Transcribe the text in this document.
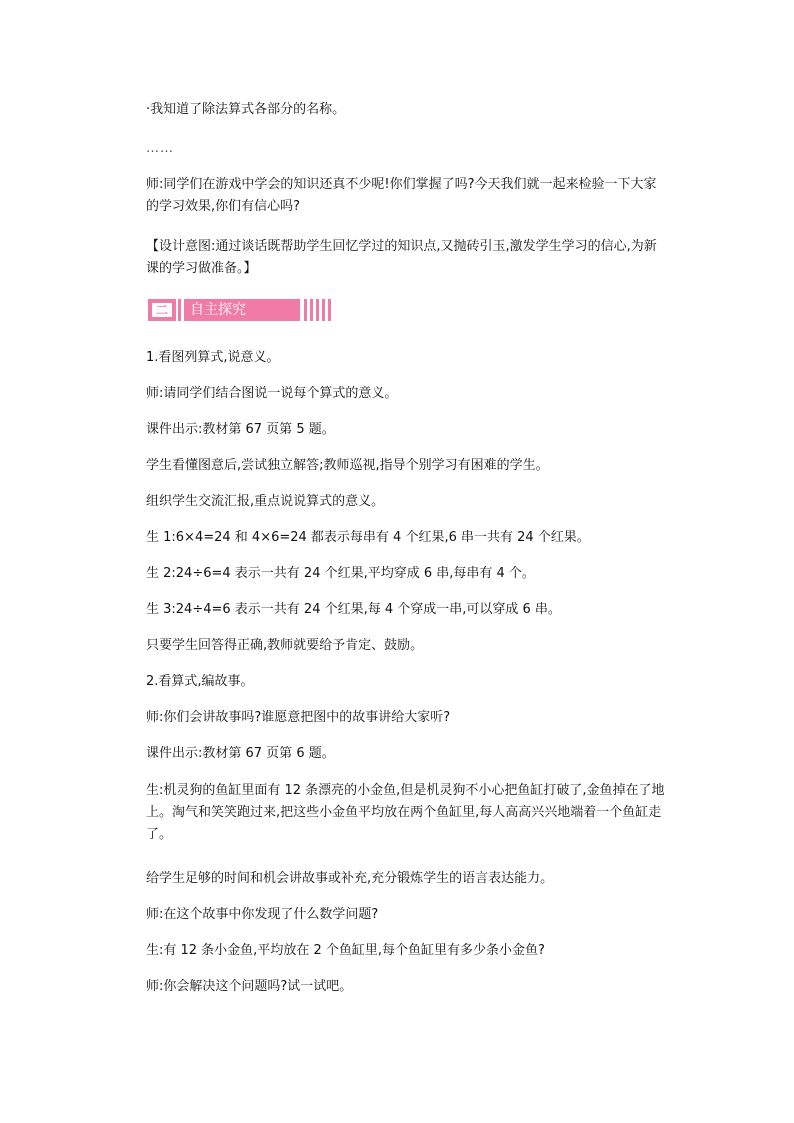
·我知道了除法算式各部分的名称。

……

师:同学们在游戏中学会的知识还真不少呢!你们掌握了吗?今天我们就一起来检验一下大家的学习效果,你们有信心吗?

【设计意图:通过谈话既帮助学生回忆学过的知识点,又抛砖引玉,激发学生学习的信心,为新课的学习做准备。】

二 自主探究

1.看图列算式,说意义。

师:请同学们结合图说一说每个算式的意义。

课件出示:教材第 67 页第 5 题。

学生看懂图意后,尝试独立解答;教师巡视,指导个别学习有困难的学生。

组织学生交流汇报,重点说说算式的意义。

生 1:6×4=24 和 4×6=24 都表示每串有 4 个红果,6 串一共有 24 个红果。

生 2:24÷6=4 表示一共有 24 个红果,平均穿成 6 串,每串有 4 个。

生 3:24÷4=6 表示一共有 24 个红果,每 4 个穿成一串,可以穿成 6 串。

只要学生回答得正确,教师就要给予肯定、鼓励。

2.看算式,编故事。

师:你们会讲故事吗?谁愿意把图中的故事讲给大家听?

课件出示:教材第 67 页第 6 题。

生:机灵狗的鱼缸里面有 12 条漂亮的小金鱼,但是机灵狗不小心把鱼缸打破了,金鱼掉在了地上。淘气和笑笑跑过来,把这些小金鱼平均放在两个鱼缸里,每人高高兴兴地端着一个鱼缸走了。

给学生足够的时间和机会讲故事或补充,充分锻炼学生的语言表达能力。

师:在这个故事中你发现了什么数学问题?

生:有 12 条小金鱼,平均放在 2 个鱼缸里,每个鱼缸里有多少条小金鱼?

师:你会解决这个问题吗?试一试吧。
